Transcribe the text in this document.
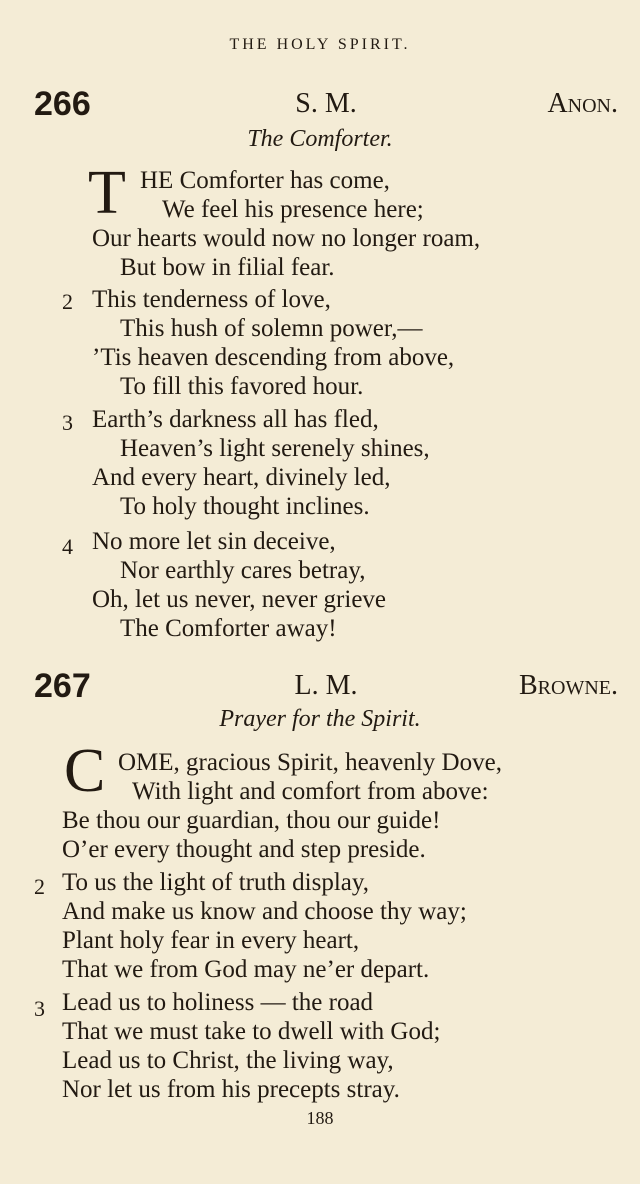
THE HOLY SPIRIT.
266	S. M.	Anon.
The Comforter.
T HE Comforter has come,
We feel his presence here;
Our hearts would now no longer roam,
But bow in filial fear.
2 This tenderness of love,
This hush of solemn power,—
’Tis heaven descending from above,
To fill this favored hour.
3 Earth’s darkness all has fled,
Heaven’s light serenely shines,
And every heart, divinely led,
To holy thought inclines.
4 No more let sin deceive,
Nor earthly cares betray,
Oh, let us never, never grieve
The Comforter away!
267	L. M.	Browne.
Prayer for the Spirit.
C OME, gracious Spirit, heavenly Dove,
With light and comfort from above:
Be thou our guardian, thou our guide!
O’er every thought and step preside.
2 To us the light of truth display,
And make us know and choose thy way;
Plant holy fear in every heart,
That we from God may ne’er depart.
3 Lead us to holiness — the road
That we must take to dwell with God;
Lead us to Christ, the living way,
Nor let us from his precepts stray.
188
